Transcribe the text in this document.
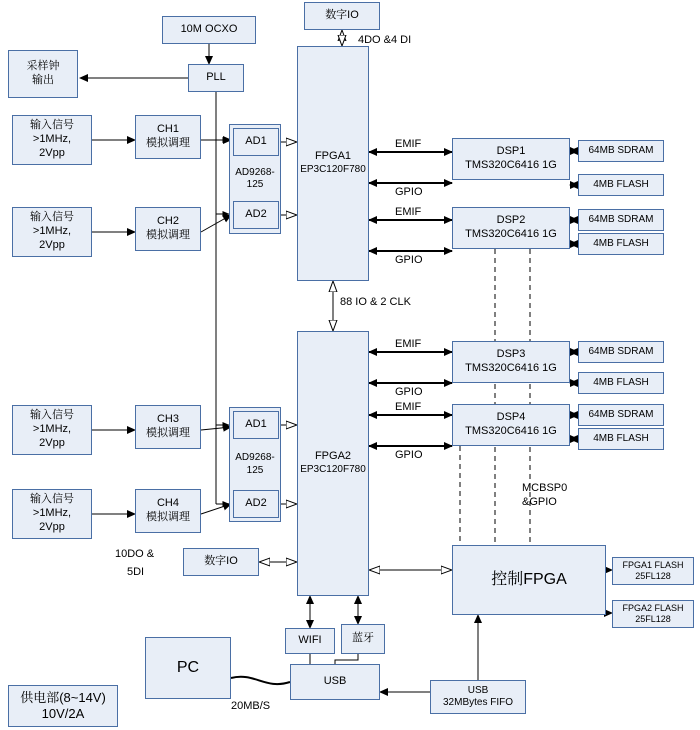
10M OCXO
数字IO
PLL
采样钟
输出
输入信号
>1MHz,
2Vpp
CH1
模拟调理
输入信号
>1MHz,
2Vpp
CH2
模拟调理
AD9268-
125
AD1
AD2
FPGA1
EP3C120F780
DSP1
TMS320C6416 1G
DSP2
TMS320C6416 1G
64MB SDRAM
4MB FLASH
64MB SDRAM
4MB FLASH
FPGA2
EP3C120F780
AD9268-
125
AD1
AD2
输入信号
>1MHz,
2Vpp
CH3
模拟调理
输入信号
>1MHz,
2Vpp
CH4
模拟调理
DSP3
TMS320C6416 1G
DSP4
TMS320C6416 1G
64MB SDRAM
4MB FLASH
64MB SDRAM
4MB FLASH
数字IO
控制FPGA
FPGA1 FLASH
25FL128
FPGA2 FLASH
25FL128
WIFI	蓝牙
PC
USB
USB
32MBytes FIFO
供电部(8~14V)
10V/2A
4DO &4 DI
EMIF
GPIO
EMIF
GPIO
88 IO & 2 CLK
EMIF
GPIO
EMIF
GPIO
MCBSP0
&GPIO
10DO &
5DI
20MB/S
